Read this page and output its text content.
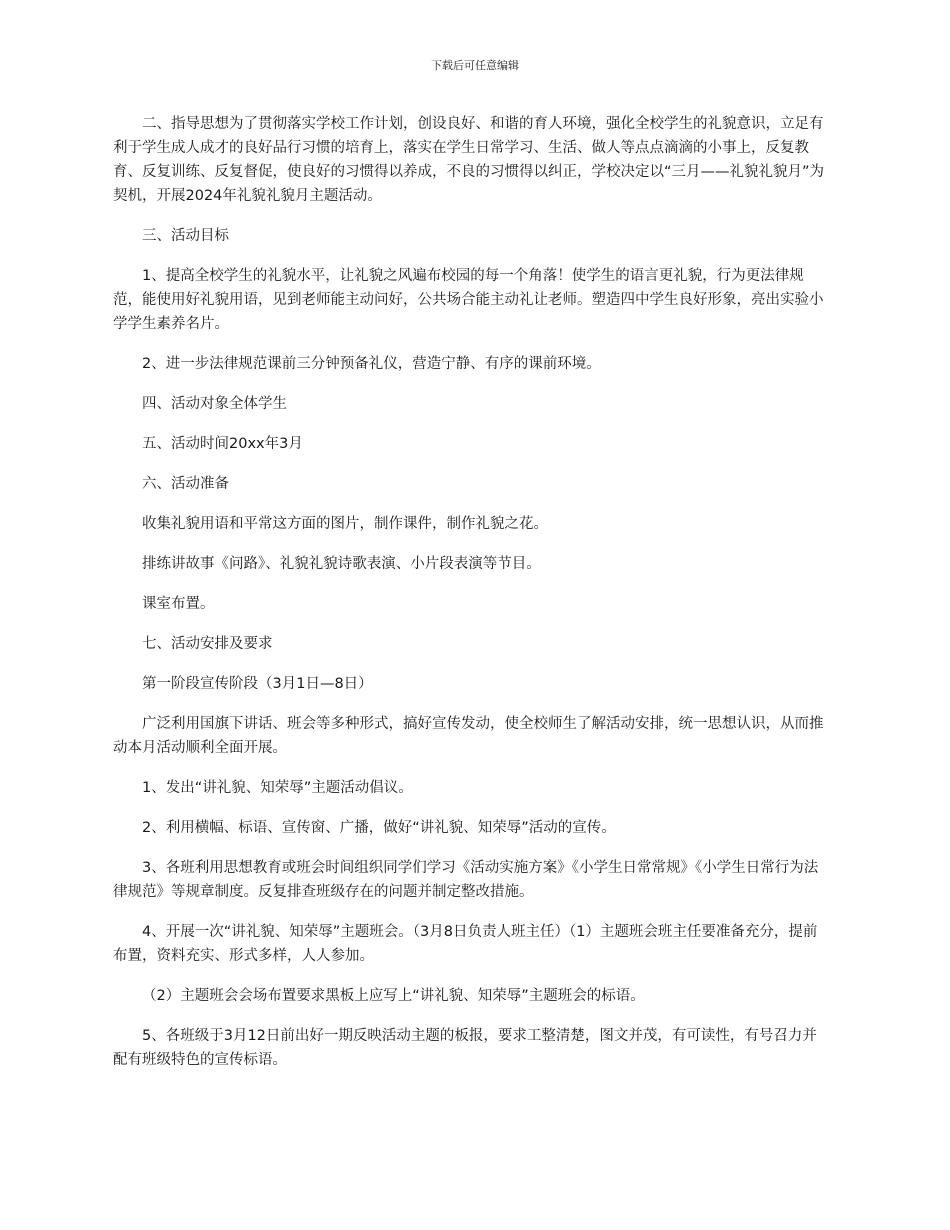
下载后可任意编辑

二、指导思想为了贯彻落实学校工作计划，创设良好、和谐的育人环境，强化全校学生的礼貌意识，立足有利于学生成人成才的良好品行习惯的培育上，落实在学生日常学习、生活、做人等点点滴滴的小事上，反复教育、反复训练、反复督促，使良好的习惯得以养成，不良的习惯得以纠正，学校决定以“三月——礼貌礼貌月”为契机，开展2024年礼貌礼貌月主题活动。

三、活动目标

1、提高全校学生的礼貌水平，让礼貌之风遍布校园的每一个角落！使学生的语言更礼貌，行为更法律规范，能使用好礼貌用语，见到老师能主动问好，公共场合能主动礼让老师。塑造四中学生良好形象，亮出实验小学学生素养名片。

2、进一步法律规范课前三分钟预备礼仪，营造宁静、有序的课前环境。

四、活动对象全体学生

五、活动时间20xx年3月

六、活动准备

收集礼貌用语和平常这方面的图片，制作课件，制作礼貌之花。

排练讲故事《问路》、礼貌礼貌诗歌表演、小片段表演等节目。

课室布置。

七、活动安排及要求

第一阶段宣传阶段（3月1日—8日）

广泛利用国旗下讲话、班会等多种形式，搞好宣传发动，使全校师生了解活动安排，统一思想认识，从而推动本月活动顺利全面开展。

1、发出“讲礼貌、知荣辱”主题活动倡议。

2、利用横幅、标语、宣传窗、广播，做好“讲礼貌、知荣辱”活动的宣传。

3、各班利用思想教育或班会时间组织同学们学习《活动实施方案》《小学生日常常规》《小学生日常行为法律规范》等规章制度。反复排查班级存在的问题并制定整改措施。

4、开展一次“讲礼貌、知荣辱”主题班会。（3月8日负责人班主任）（1）主题班会班主任要准备充分，提前布置，资料充实、形式多样，人人参加。

（2）主题班会会场布置要求黑板上应写上“讲礼貌、知荣辱”主题班会的标语。

5、各班级于3月12日前出好一期反映活动主题的板报，要求工整清楚，图文并茂，有可读性，有号召力并配有班级特色的宣传标语。
